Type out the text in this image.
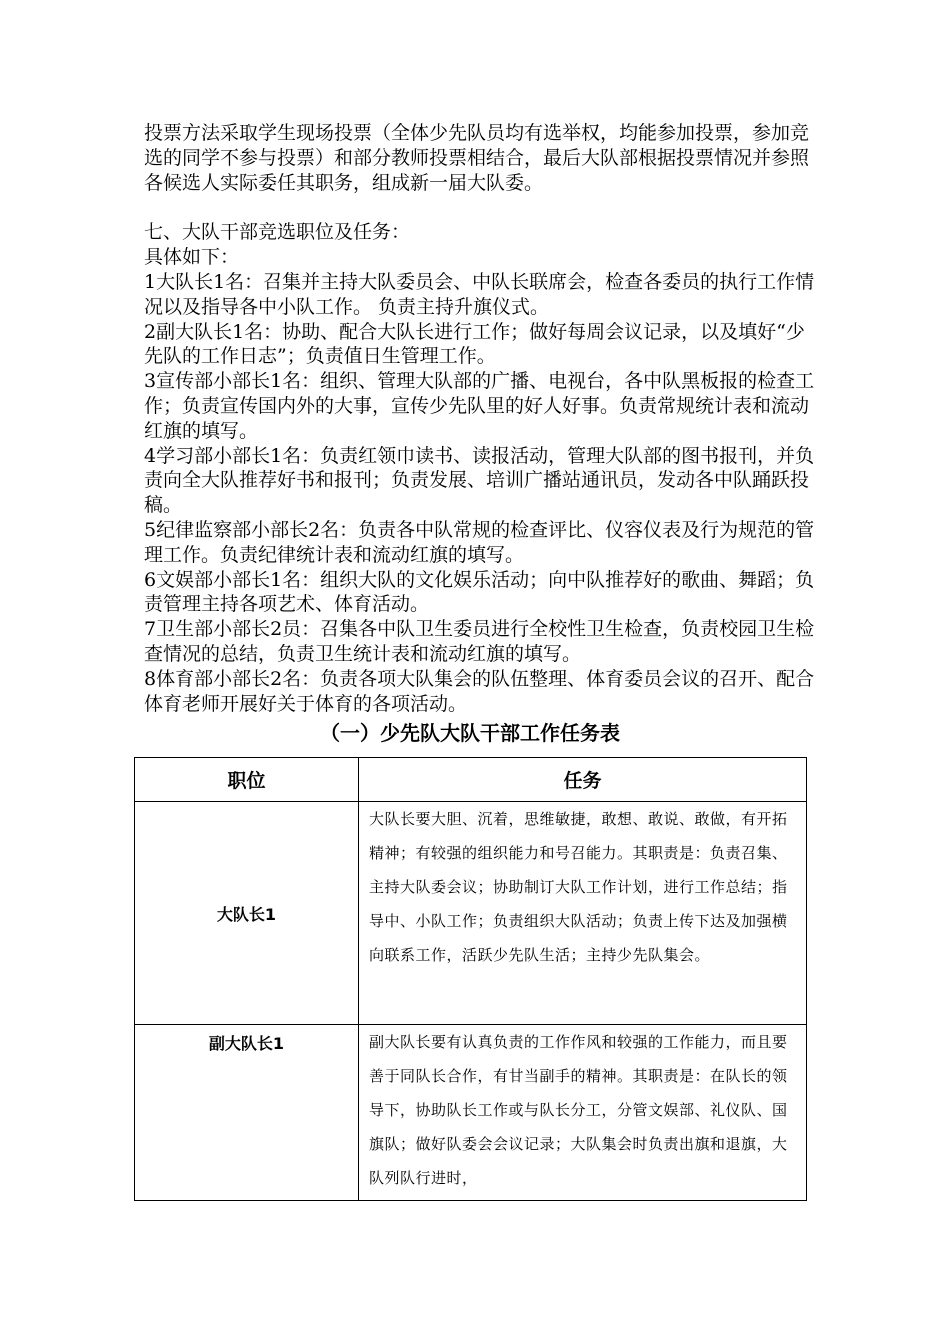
投票方法采取学生现场投票（全体少先队员均有选举权，均能参加投票，参加竞选的同学不参与投票）和部分教师投票相结合，最后大队部根据投票情况并参照各候选人实际委任其职务，组成新一届大队委。

七、大队干部竞选职位及任务：

具体如下：

1大队长1名：召集并主持大队委员会、中队长联席会，检查各委员的执行工作情况以及指导各中小队工作。 负责主持升旗仪式。

2副大队长1名：协助、配合大队长进行工作；做好每周会议记录，以及填好“少先队的工作日志”；负责值日生管理工作。

3宣传部小部长1名：组织、管理大队部的广播、电视台，各中队黑板报的检查工作；负责宣传国内外的大事，宣传少先队里的好人好事。负责常规统计表和流动红旗的填写。

4学习部小部长1名：负责红领巾读书、读报活动，管理大队部的图书报刊，并负责向全大队推荐好书和报刊；负责发展、培训广播站通讯员，发动各中队踊跃投稿。

5纪律监察部小部长2名：负责各中队常规的检查评比、仪容仪表及行为规范的管理工作。负责纪律统计表和流动红旗的填写。

6文娱部小部长1名：组织大队的文化娱乐活动；向中队推荐好的歌曲、舞蹈；负责管理主持各项艺术、体育活动。

7卫生部小部长2员：召集各中队卫生委员进行全校性卫生检查，负责校园卫生检查情况的总结，负责卫生统计表和流动红旗的填写。

8体育部小部长2名：负责各项大队集会的队伍整理、体育委员会议的召开、配合体育老师开展好关于体育的各项活动。

（一）少先队大队干部工作任务表
职位	任务
大队长1	大队长要大胆、沉着，思维敏捷，敢想、敢说、敢做，有开拓精神；有较强的组织能力和号召能力。其职责是：负责召集、主持大队委会议；协助制订大队工作计划，进行工作总结；指导中、小队工作；负责组织大队活动；负责上传下达及加强横向联系工作，活跃少先队生活；主持少先队集会。
副大队长1	副大队长要有认真负责的工作作风和较强的工作能力，而且要善于同队长合作，有甘当副手的精神。其职责是：在队长的领导下，协助队长工作或与队长分工，分管文娱部、礼仪队、国旗队；做好队委会会议记录；大队集会时负责出旗和退旗，大队列队行进时，
